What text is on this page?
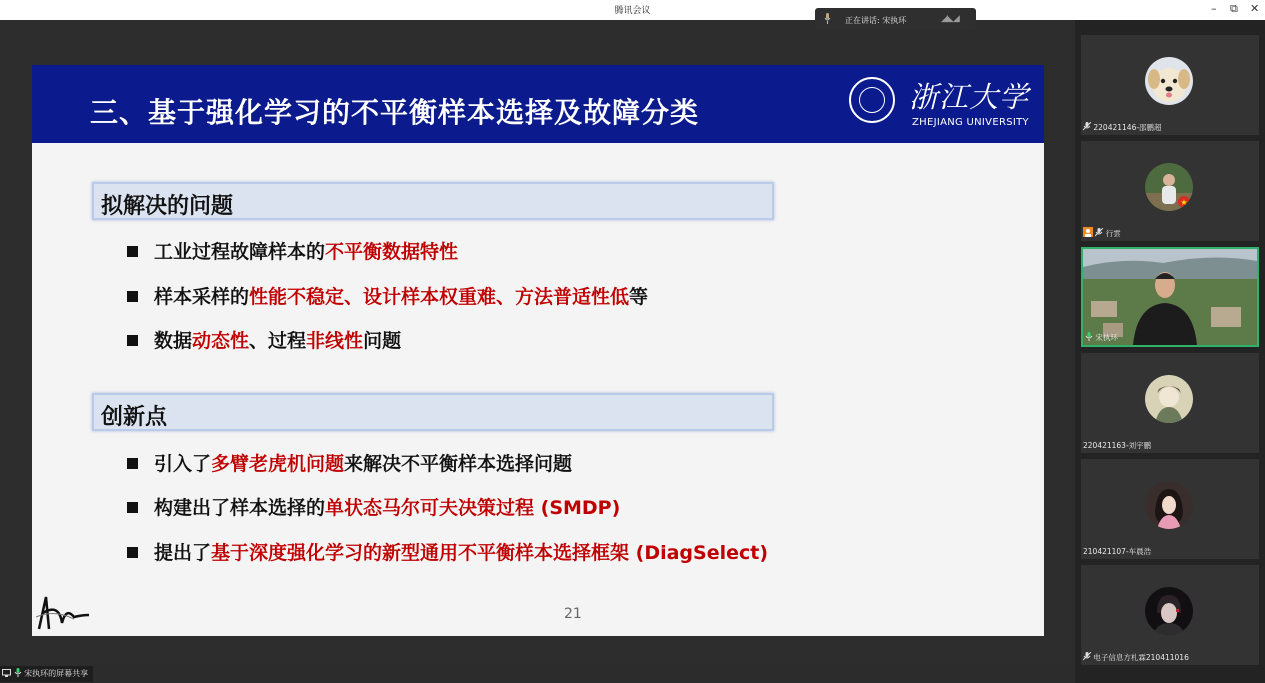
腾讯会议	– ⧉ ✕
正在讲话: 宋执环	◢◣◢
三、基于强化学习的不平衡样本选择及故障分类	浙江大学
ZHEJIANG UNIVERSITY
拟解决的问题
工业过程故障样本的不平衡数据特性
样本采样的性能不稳定、设计样本权重难、方法普适性低等
数据动态性、过程非线性问题
创新点
引入了多臂老虎机问题来解决不平衡样本选择问题
构建出了样本选择的单状态马尔可夫决策过程 (SMDP)
提出了基于深度强化学习的新型通用不平衡样本选择框架 (DiagSelect)
21
220421146-邵鹏超
★
行雲
宋执环
220421163-刘宇鹏
210421107-车晨浩
电子信息方札霖210411016
宋执环的屏幕共享
